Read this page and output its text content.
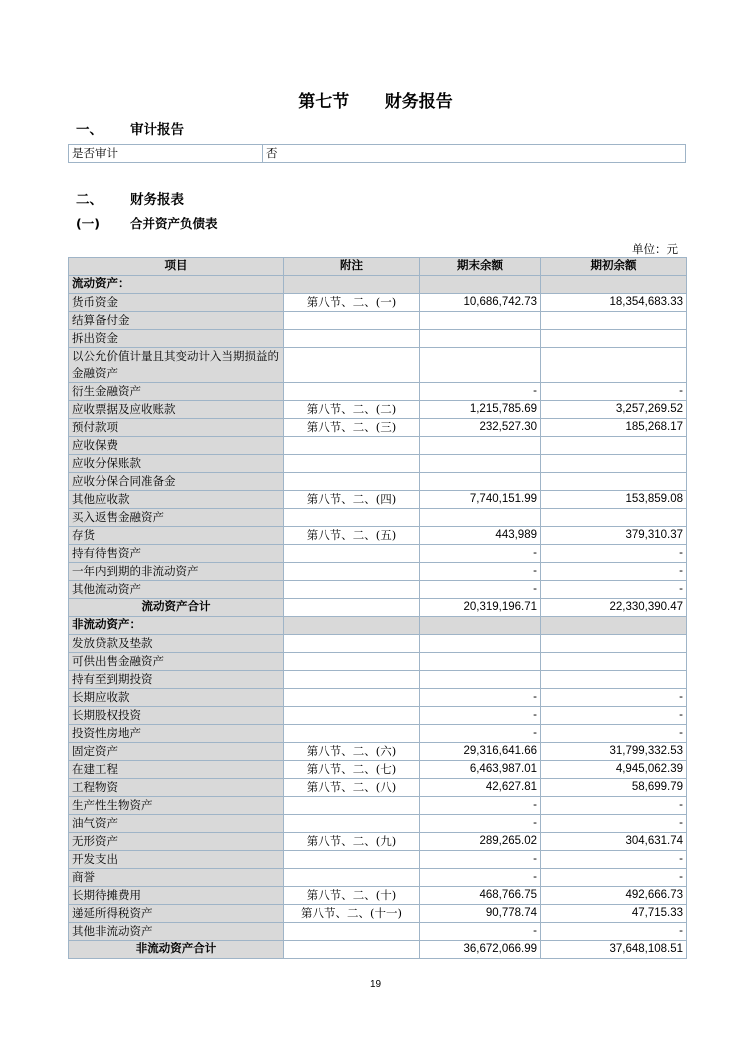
第七节      财务报告
一、 审计报告
是否审计	否
二、 财务报表
(一) 合并资产负债表
单位：元
项目	附注	期末余额	期初余额
流动资产：			
货币资金	第八节、二、(一)	10,686,742.73	18,354,683.33
结算备付金			
拆出资金			
以公允价值计量且其变动计入当期损益的金融资产			
衍生金融资产		-	-
应收票据及应收账款	第八节、二、(二)	1,215,785.69	3,257,269.52
预付款项	第八节、二、(三)	232,527.30	185,268.17
应收保费			
应收分保账款			
应收分保合同准备金			
其他应收款	第八节、二、(四)	7,740,151.99	153,859.08
买入返售金融资产			
存货	第八节、二、(五)	443,989	379,310.37
持有待售资产		-	-
一年内到期的非流动资产		-	-
其他流动资产		-	-
流动资产合计		20,319,196.71	22,330,390.47
非流动资产：			
发放贷款及垫款			
可供出售金融资产			
持有至到期投资			
长期应收款		-	-
长期股权投资		-	-
投资性房地产		-	-
固定资产	第八节、二、(六)	29,316,641.66	31,799,332.53
在建工程	第八节、二、(七)	6,463,987.01	4,945,062.39
工程物资	第八节、二、(八)	42,627.81	58,699.79
生产性生物资产		-	-
油气资产		-	-
无形资产	第八节、二、(九)	289,265.02	304,631.74
开发支出		-	-
商誉		-	-
长期待摊费用	第八节、二、(十)	468,766.75	492,666.73
递延所得税资产	第八节、二、(十一)	90,778.74	47,715.33
其他非流动资产		-	-
非流动资产合计		36,672,066.99	37,648,108.51
19
